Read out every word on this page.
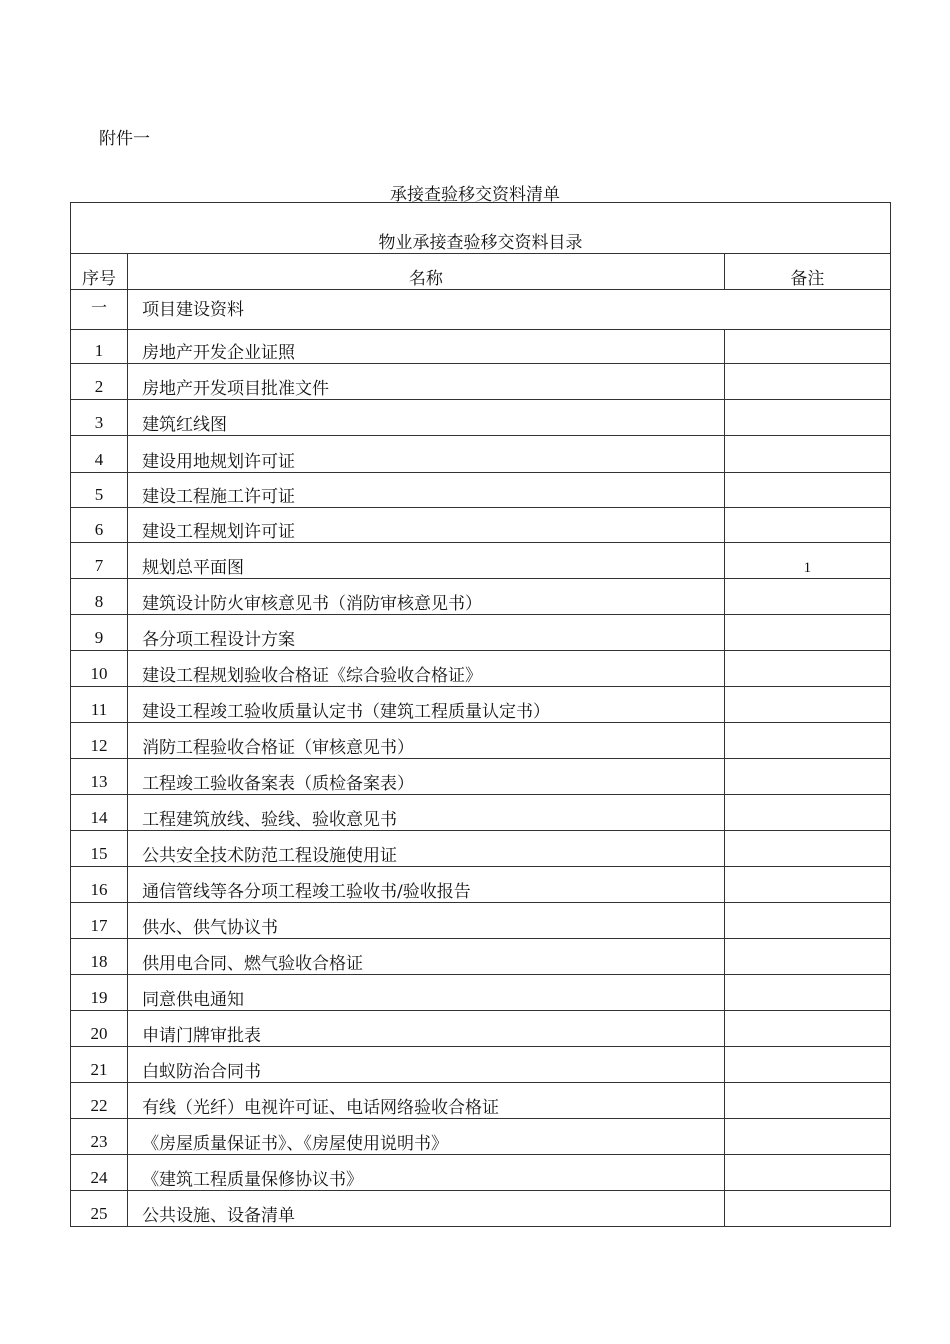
附件一
承接查验移交资料清单
物业承接查验移交资料目录		
序号	名称	备注
一	项目建设资料	
1	房地产开发企业证照	
2	房地产开发项目批准文件	
3	建筑红线图	
4	建设用地规划许可证	
5	建设工程施工许可证	
6	建设工程规划许可证	
7	规划总平面图	1
8	建筑设计防火审核意见书（消防审核意见书）	
9	各分项工程设计方案	
10	建设工程规划验收合格证《综合验收合格证》	
11	建设工程竣工验收质量认定书（建筑工程质量认定书）	
12	消防工程验收合格证（审核意见书）	
13	工程竣工验收备案表（质检备案表）	
14	工程建筑放线、验线、验收意见书	
15	公共安全技术防范工程设施使用证	
16	通信管线等各分项工程竣工验收书/验收报告	
17	供水、供气协议书	
18	供用电合同、燃气验收合格证	
19	同意供电通知	
20	申请门牌审批表	
21	白蚁防治合同书	
22	有线（光纤）电视许可证、电话网络验收合格证	
23	《房屋质量保证书》、《房屋使用说明书》	
24	《建筑工程质量保修协议书》	
25	公共设施、设备清单	
